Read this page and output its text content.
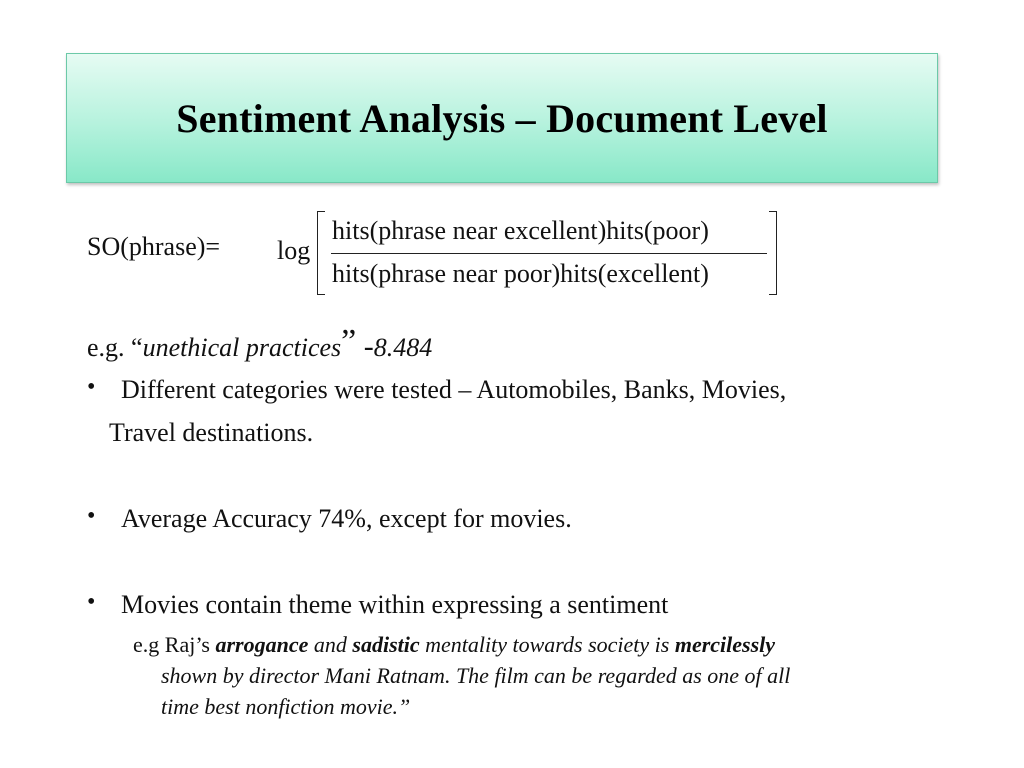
Sentiment Analysis – Document Level
SO(phrase)= log
hits(phrase near excellent)hits(poor)
hits(phrase near poor)hits(excellent)
e.g. “unethical practices” -8.484
• Different categories were tested – Automobiles, Banks, Movies,
Travel destinations.
• Average Accuracy 74%, except for movies.
• Movies contain theme within expressing a sentiment
e.g Raj’s arrogance and sadistic mentality towards society is mercilessly
shown by director Mani Ratnam. The film can be regarded as one of all
time best nonfiction movie.”
